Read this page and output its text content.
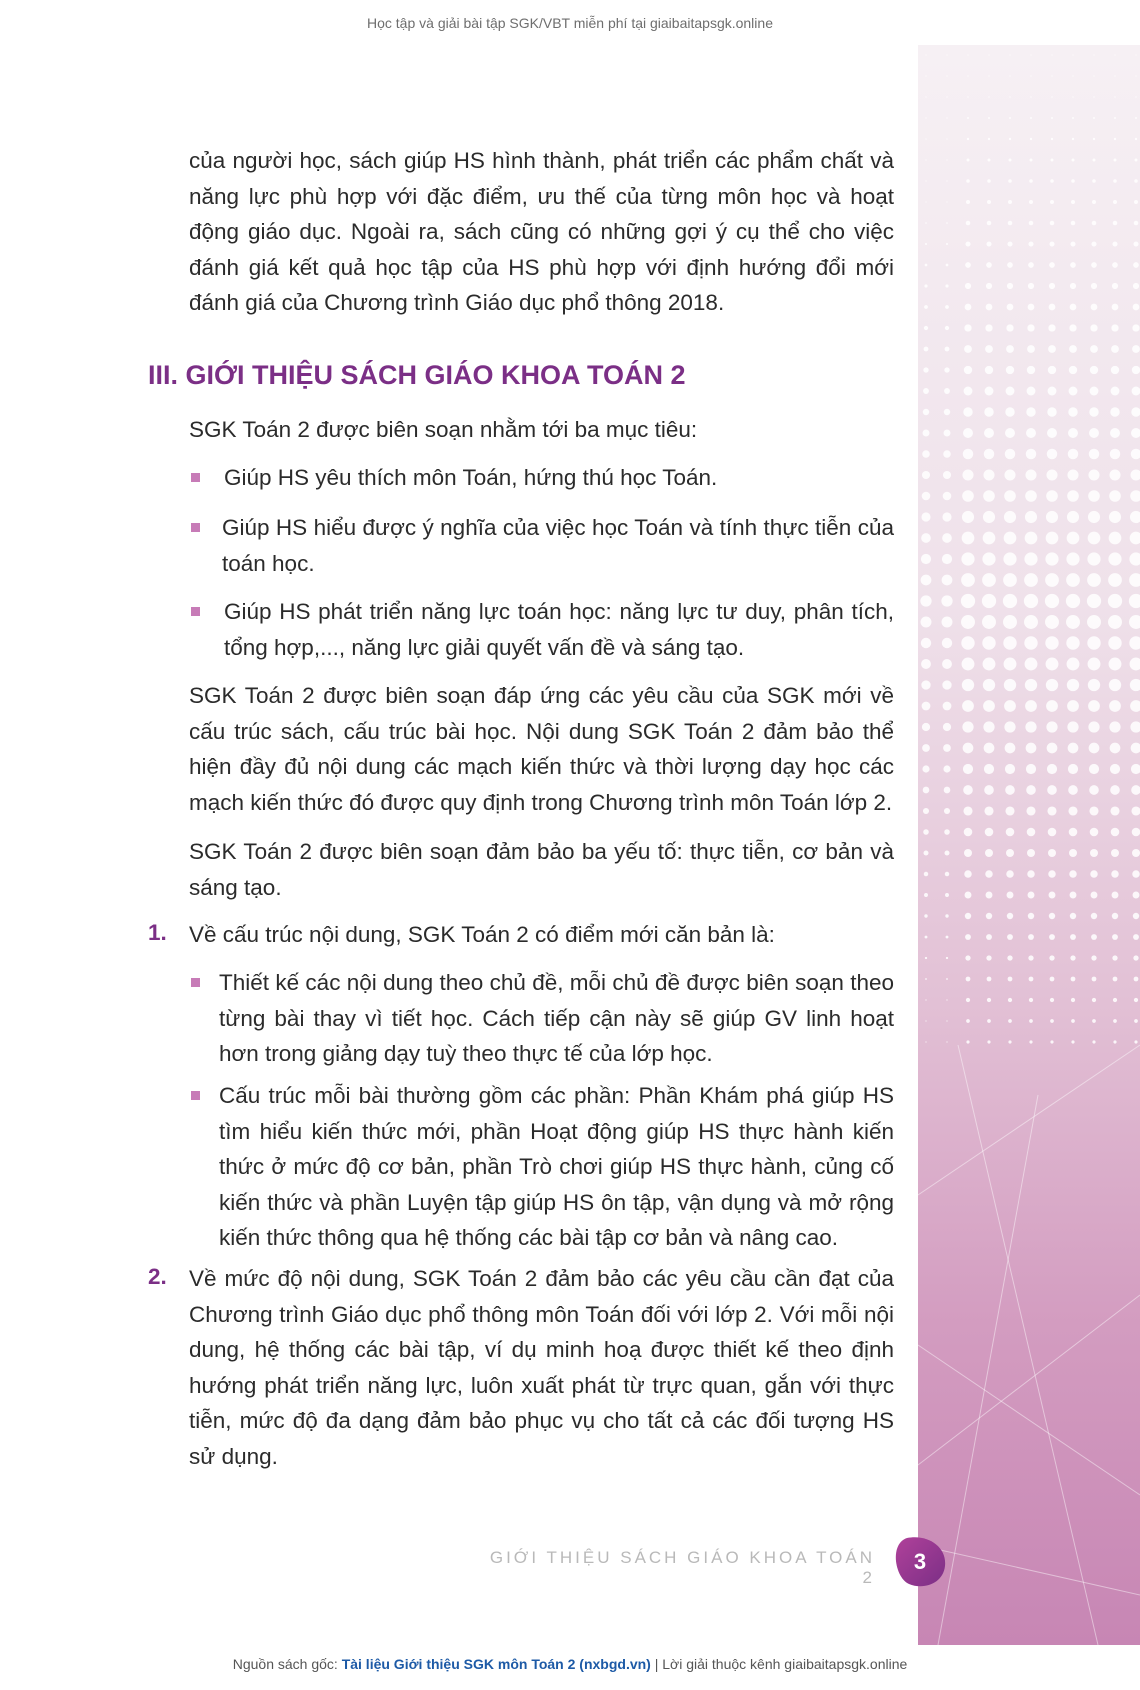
Học tập và giải bài tập SGK/VBT miễn phí tại giaibaitapsgk.online

của người học, sách giúp HS hình thành, phát triển các phẩm chất và năng lực phù hợp với đặc điểm, ưu thế của từng môn học và hoạt động giáo dục. Ngoài ra, sách cũng có những gợi ý cụ thể cho việc đánh giá kết quả học tập của HS phù hợp với định hướng đổi mới đánh giá của Chương trình Giáo dục phổ thông 2018.

III. GIỚI THIỆU SÁCH GIÁO KHOA TOÁN 2

SGK Toán 2 được biên soạn nhằm tới ba mục tiêu:

Giúp HS yêu thích môn Toán, hứng thú học Toán.

Giúp HS hiểu được ý nghĩa của việc học Toán và tính thực tiễn của toán học.

Giúp HS phát triển năng lực toán học: năng lực tư duy, phân tích, tổng hợp,..., năng lực giải quyết vấn đề và sáng tạo.

SGK Toán 2 được biên soạn đáp ứng các yêu cầu của SGK mới về cấu trúc sách, cấu trúc bài học. Nội dung SGK Toán 2 đảm bảo thể hiện đầy đủ nội dung các mạch kiến thức và thời lượng dạy học các mạch kiến thức đó được quy định trong Chương trình môn Toán lớp 2.

SGK Toán 2 được biên soạn đảm bảo ba yếu tố: thực tiễn, cơ bản và sáng tạo.

1. Về cấu trúc nội dung, SGK Toán 2 có điểm mới căn bản là:

Thiết kế các nội dung theo chủ đề, mỗi chủ đề được biên soạn theo từng bài thay vì tiết học. Cách tiếp cận này sẽ giúp GV linh hoạt hơn trong giảng dạy tuỳ theo thực tế của lớp học.

Cấu trúc mỗi bài thường gồm các phần: Phần Khám phá giúp HS tìm hiểu kiến thức mới, phần Hoạt động giúp HS thực hành kiến thức ở mức độ cơ bản, phần Trò chơi giúp HS thực hành, củng cố kiến thức và phần Luyện tập giúp HS ôn tập, vận dụng và mở rộng kiến thức thông qua hệ thống các bài tập cơ bản và nâng cao.

2. Về mức độ nội dung, SGK Toán 2 đảm bảo các yêu cầu cần đạt của Chương trình Giáo dục phổ thông môn Toán đối với lớp 2. Với mỗi nội dung, hệ thống các bài tập, ví dụ minh hoạ được thiết kế theo định hướng phát triển năng lực, luôn xuất phát từ trực quan, gắn với thực tiễn, mức độ đa dạng đảm bảo phục vụ cho tất cả các đối tượng HS sử dụng.

GIỚI THIỆU SÁCH GIÁO KHOA TOÁN 2
3
Nguồn sách gốc: Tài liệu Giới thiệu SGK môn Toán 2 (nxbgd.vn) | Lời giải thuộc kênh giaibaitapsgk.online
